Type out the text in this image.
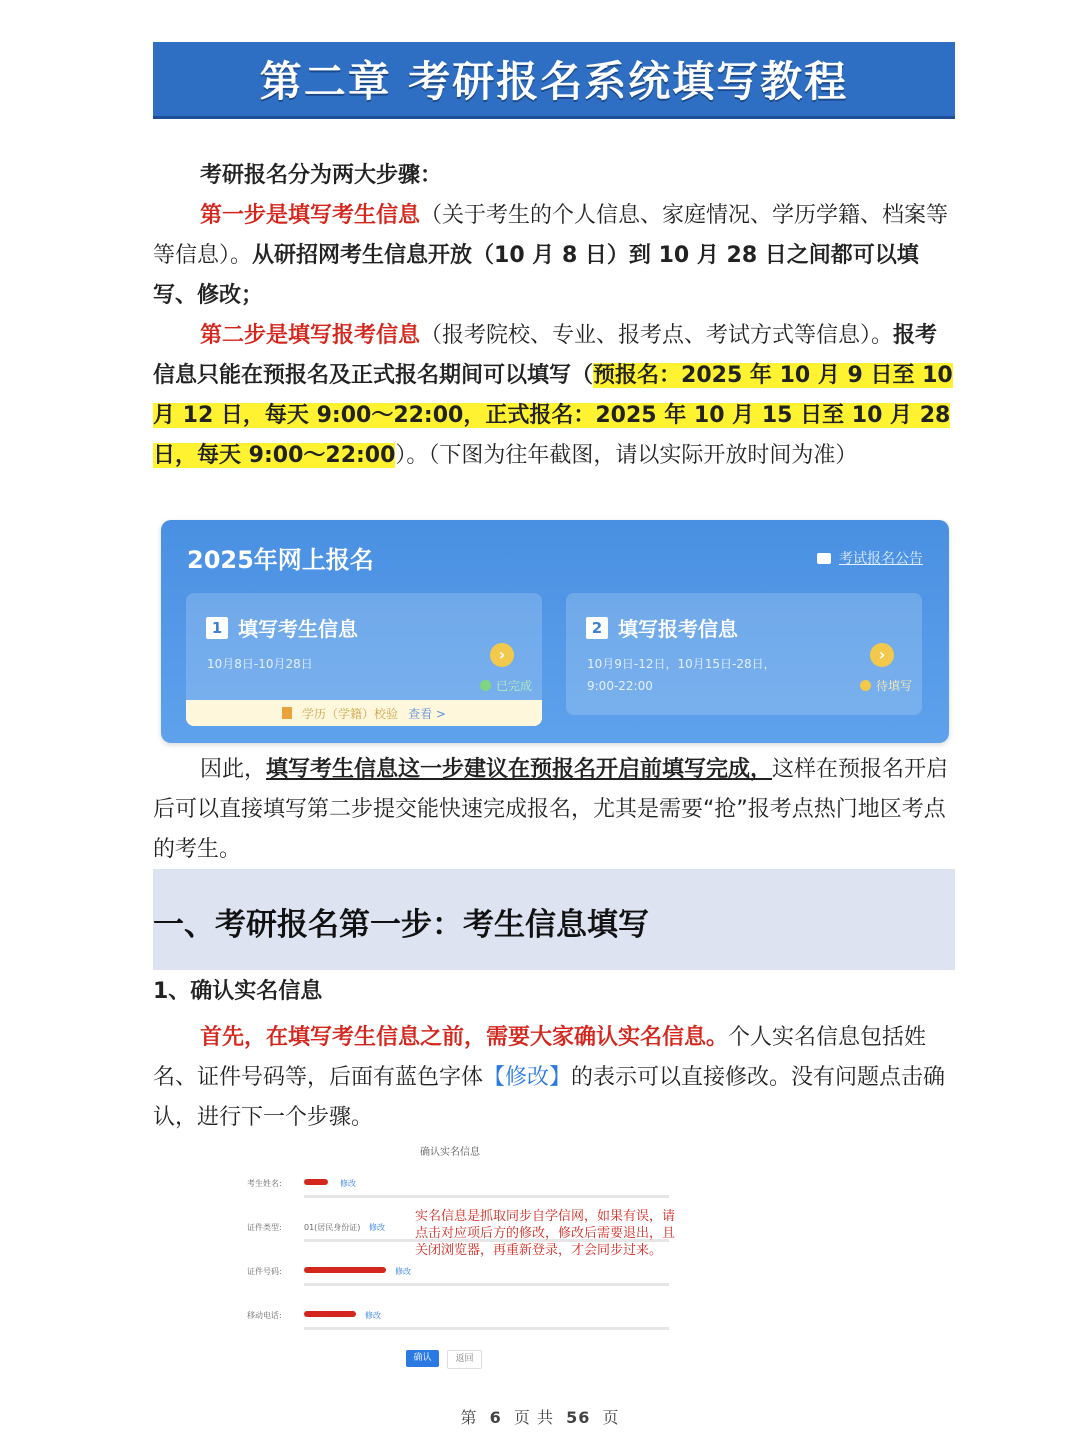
第二章 考研报名系统填写教程

考研报名分为两大步骤：

第一步是填写考生信息（关于考生的个人信息、家庭情况、学历学籍、档案等等信息）。从研招网考生信息开放（10 月 8 日）到 10 月 28 日之间都可以填写、修改；

第二步是填写报考信息（报考院校、专业、报考点、考试方式等信息）。报考信息只能在预报名及正式报名期间可以填写（预报名：2025 年 10 月 9 日至 10 月 12 日，每天 9:00～22:00，正式报名：2025 年 10 月 15 日至 10 月 28 日，每天 9:00～22:00）。（下图为往年截图，请以实际开放时间为准）

2025年网上报名	考试报名公告
1 填写考生信息
10月8日-10月28日	›
已完成
学历（学籍）校验 查看 >
2 填写报考信息
10月9日-12日，10月15日-28日，
9:00-22:00
›
待填写

因此，填写考生信息这一步建议在预报名开启前填写完成，这样在预报名开启后可以直接填写第二步提交能快速完成报名，尤其是需要“抢”报考点热门地区考点的考生。

一、考研报名第一步：考生信息填写

1、确认实名信息

首先，在填写考生信息之前，需要大家确认实名信息。个人实名信息包括姓名、证件号码等，后面有蓝色字体【修改】的表示可以直接修改。没有问题点击确认，进行下一个步骤。

确认实名信息
考生姓名:	修改
证件类型:	01(居民身份证) 修改
证件号码:	修改
移动电话:	修改
实名信息是抓取同步自学信网，如果有误，请点击对应项后方的修改，修改后需要退出，且关闭浏览器，再重新登录，才会同步过来。
确认	返回
第 6 页 共 56 页
